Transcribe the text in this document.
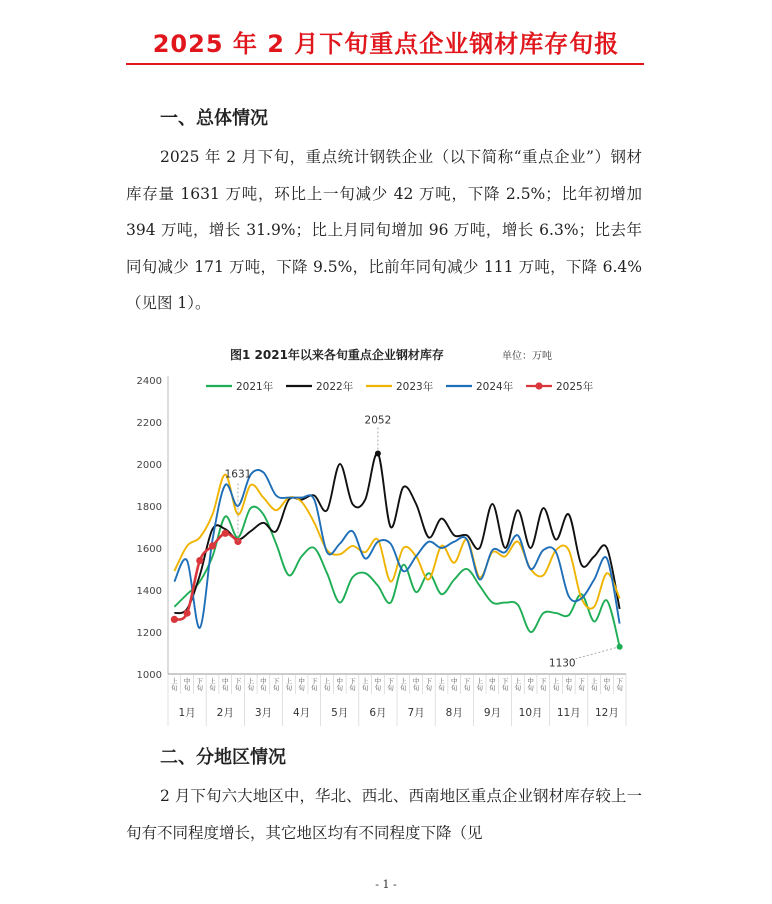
2025 年 2 月下旬重点企业钢材库存旬报
一、总体情况

2025 年 2 月下旬，重点统计钢铁企业（以下简称“重点企业”）钢材库存量 1631 万吨，环比上一旬减少 42 万吨，下降 2.5%；比年初增加 394 万吨，增长 31.9%；比上月同旬增加 96 万吨，增长 6.3%；比去年同旬减少 171 万吨，下降 9.5%，比前年同旬减少 111 万吨，下降 6.4%（见图 1）。

图1 2021年以来各旬重点企业钢材库存	单位：万吨
2400
2200
2000
1800
1600
1400
1200
1000 上旬
中旬
下旬
上旬
中旬
下旬
上旬
中旬
下旬
上旬
中旬
下旬
上旬
中旬
下旬
上旬
中旬
下旬
上旬
中旬
下旬
上旬
中旬
下旬
上旬
中旬
下旬
上旬
中旬
下旬
上旬
中旬
下旬
上旬
中旬
下旬
1月 2月 3月 4月 5月 6月 7月 8月 9月 10月 11月 12月
2021年	2022年	2023年	2024年	2025年
1631
2052
1130
二、分地区情况

2 月下旬六大地区中，华北、西北、西南地区重点企业钢材库存较上一旬有不同程度增长，其它地区均有不同程度下降（见

- 1 -
